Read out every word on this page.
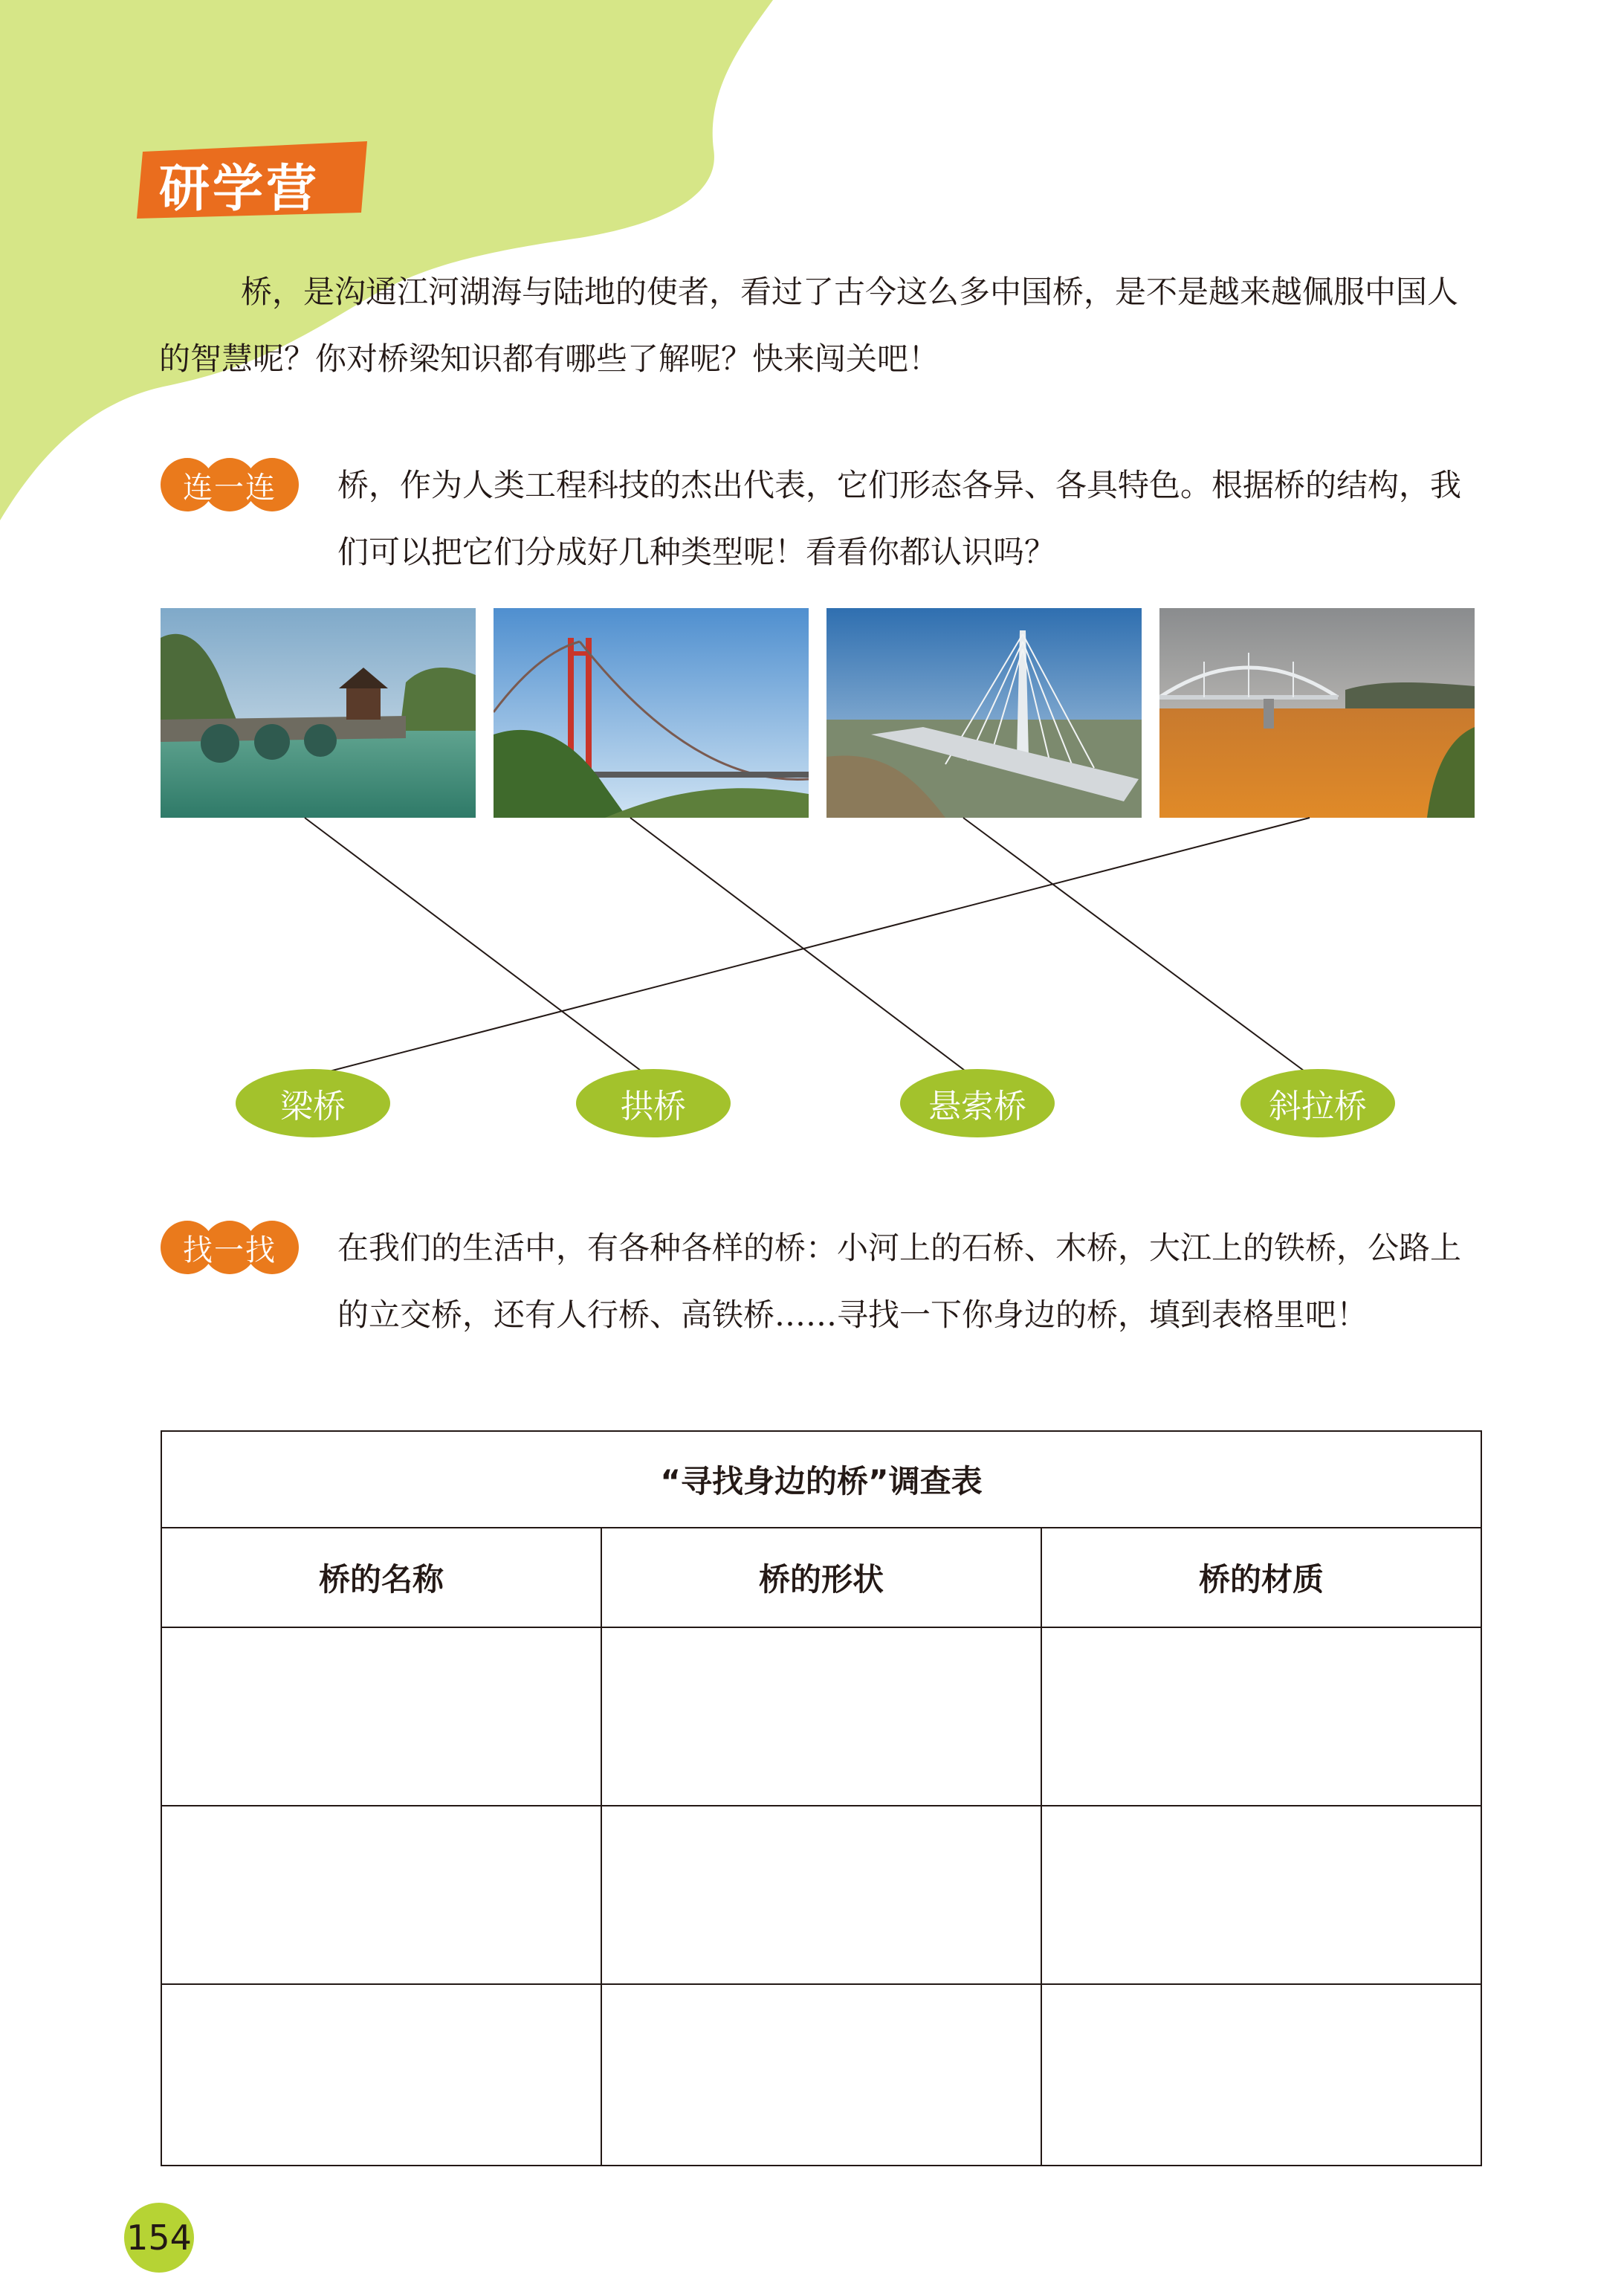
研学营

桥，是沟通江河湖海与陆地的使者，看过了古今这么多中国桥，是不是越来越佩服中国人的智慧呢？你对桥梁知识都有哪些了解呢？快来闯关吧！

连一连	桥，作为人类工程科技的杰出代表，它们形态各异、各具特色。根据桥的结构，我们可以把它们分成好几种类型呢！看看你都认识吗？

梁桥	拱桥	悬索桥	斜拉桥
找一找	在我们的生活中，有各种各样的桥：小河上的石桥、木桥，大江上的铁桥，公路上的立交桥，还有人行桥、高铁桥……寻找一下你身边的桥，填到表格里吧！

“寻找身边的桥”调查表
桥的名称	桥的形状	桥的材质
154
